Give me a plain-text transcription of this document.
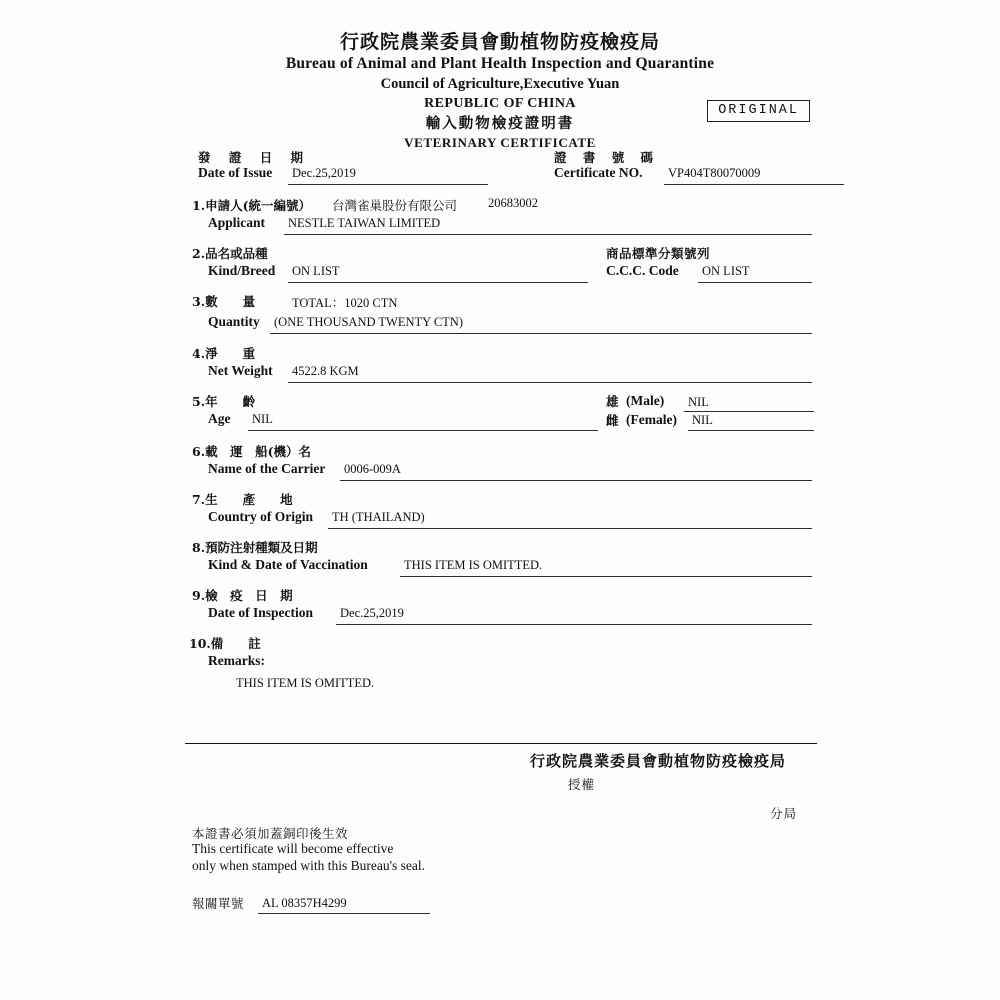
行政院農業委員會動植物防疫檢疫局
Bureau of Animal and Plant Health Inspection and Quarantine
Council of Agriculture,Executive Yuan
REPUBLIC OF CHINA
輸入動物檢疫證明書
VETERINARY CERTIFICATE
ORIGINAL
發 證 日 期
Date of Issue Dec.25,2019
證 書 號 碼
Certificate NO. VP404T80070009
1.申請人(統一編號） 台灣雀巢股份有限公司 20683002
Applicant NESTLE TAIWAN LIMITED
2.品名或品種	商品標準分類號列
Kind/Breed ON LIST	C.C.C. Code ON LIST
3.數　　量	TOTAL：1020 CTN
Quantity (ONE THOUSAND TWENTY CTN)
4.淨　　重
Net Weight 4522.8 KGM
5.年　　齡	雄 (Male) NIL
Age NIL	雌 (Female) NIL
6.載　運　船(機）名
Name of the Carrier 0006-009A
7.生　　產　　地
Country of Origin TH (THAILAND)
8.預防注射種類及日期
Kind & Date of Vaccination	THIS ITEM IS OMITTED.
9.檢　疫　日　期
Date of Inspection Dec.25,2019
10.備　　註
Remarks:
THIS ITEM IS OMITTED.
行政院農業委員會動植物防疫檢疫局
授權
分局
本證書必須加蓋銅印後生效
This certificate will become effective
only when stamped with this Bureau's seal.
報關單號 AL 08357H4299
